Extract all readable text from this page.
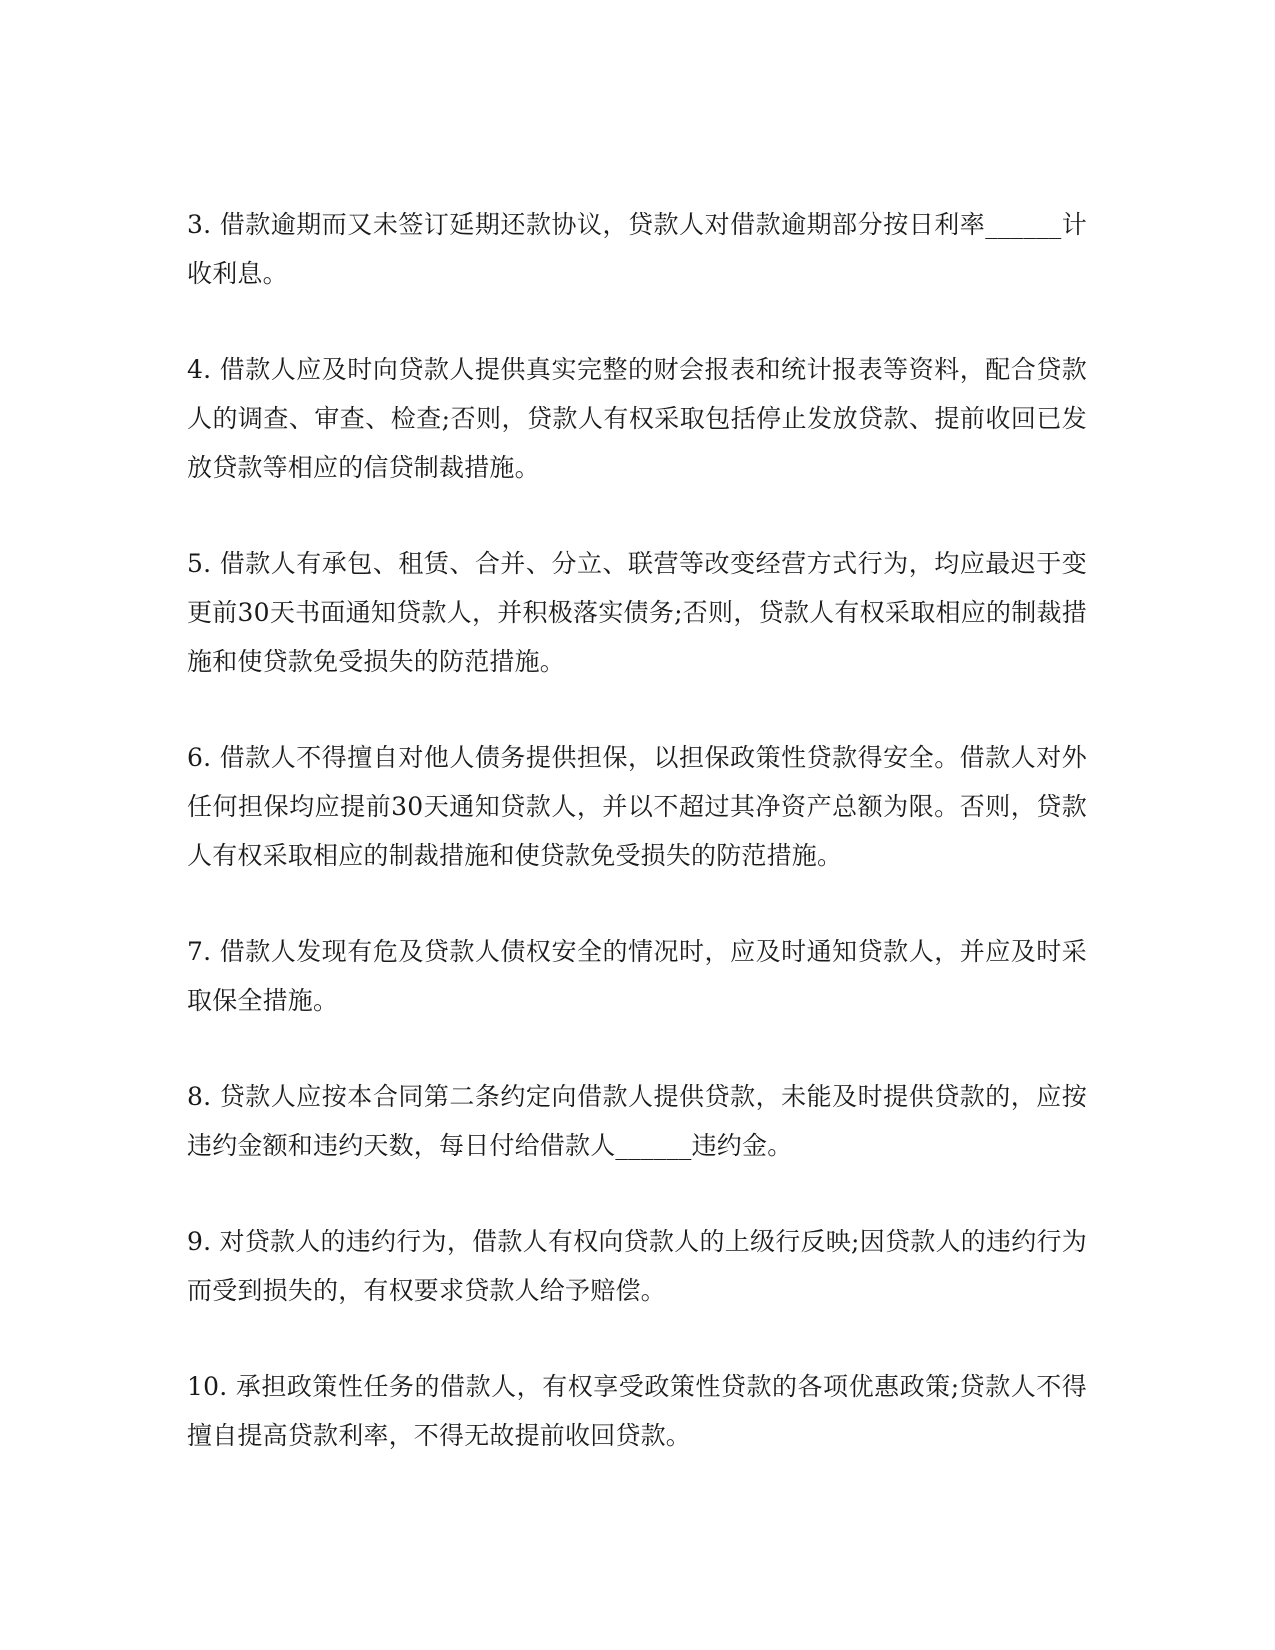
3. 借款逾期而又未签订延期还款协议，贷款人对借款逾期部分按日利率______计收利息。

4. 借款人应及时向贷款人提供真实完整的财会报表和统计报表等资料，配合贷款人的调查、审查、检查;否则，贷款人有权采取包括停止发放贷款、提前收回已发放贷款等相应的信贷制裁措施。

5. 借款人有承包、租赁、合并、分立、联营等改变经营方式行为，均应最迟于变更前30天书面通知贷款人，并积极落实债务;否则，贷款人有权采取相应的制裁措施和使贷款免受损失的防范措施。

6. 借款人不得擅自对他人债务提供担保，以担保政策性贷款得安全。借款人对外任何担保均应提前30天通知贷款人，并以不超过其净资产总额为限。否则，贷款人有权采取相应的制裁措施和使贷款免受损失的防范措施。

7. 借款人发现有危及贷款人债权安全的情况时，应及时通知贷款人，并应及时采取保全措施。

8. 贷款人应按本合同第二条约定向借款人提供贷款，未能及时提供贷款的，应按违约金额和违约天数，每日付给借款人______违约金。

9. 对贷款人的违约行为，借款人有权向贷款人的上级行反映;因贷款人的违约行为而受到损失的，有权要求贷款人给予赔偿。

10. 承担政策性任务的借款人，有权享受政策性贷款的各项优惠政策;贷款人不得擅自提高贷款利率，不得无故提前收回贷款。
